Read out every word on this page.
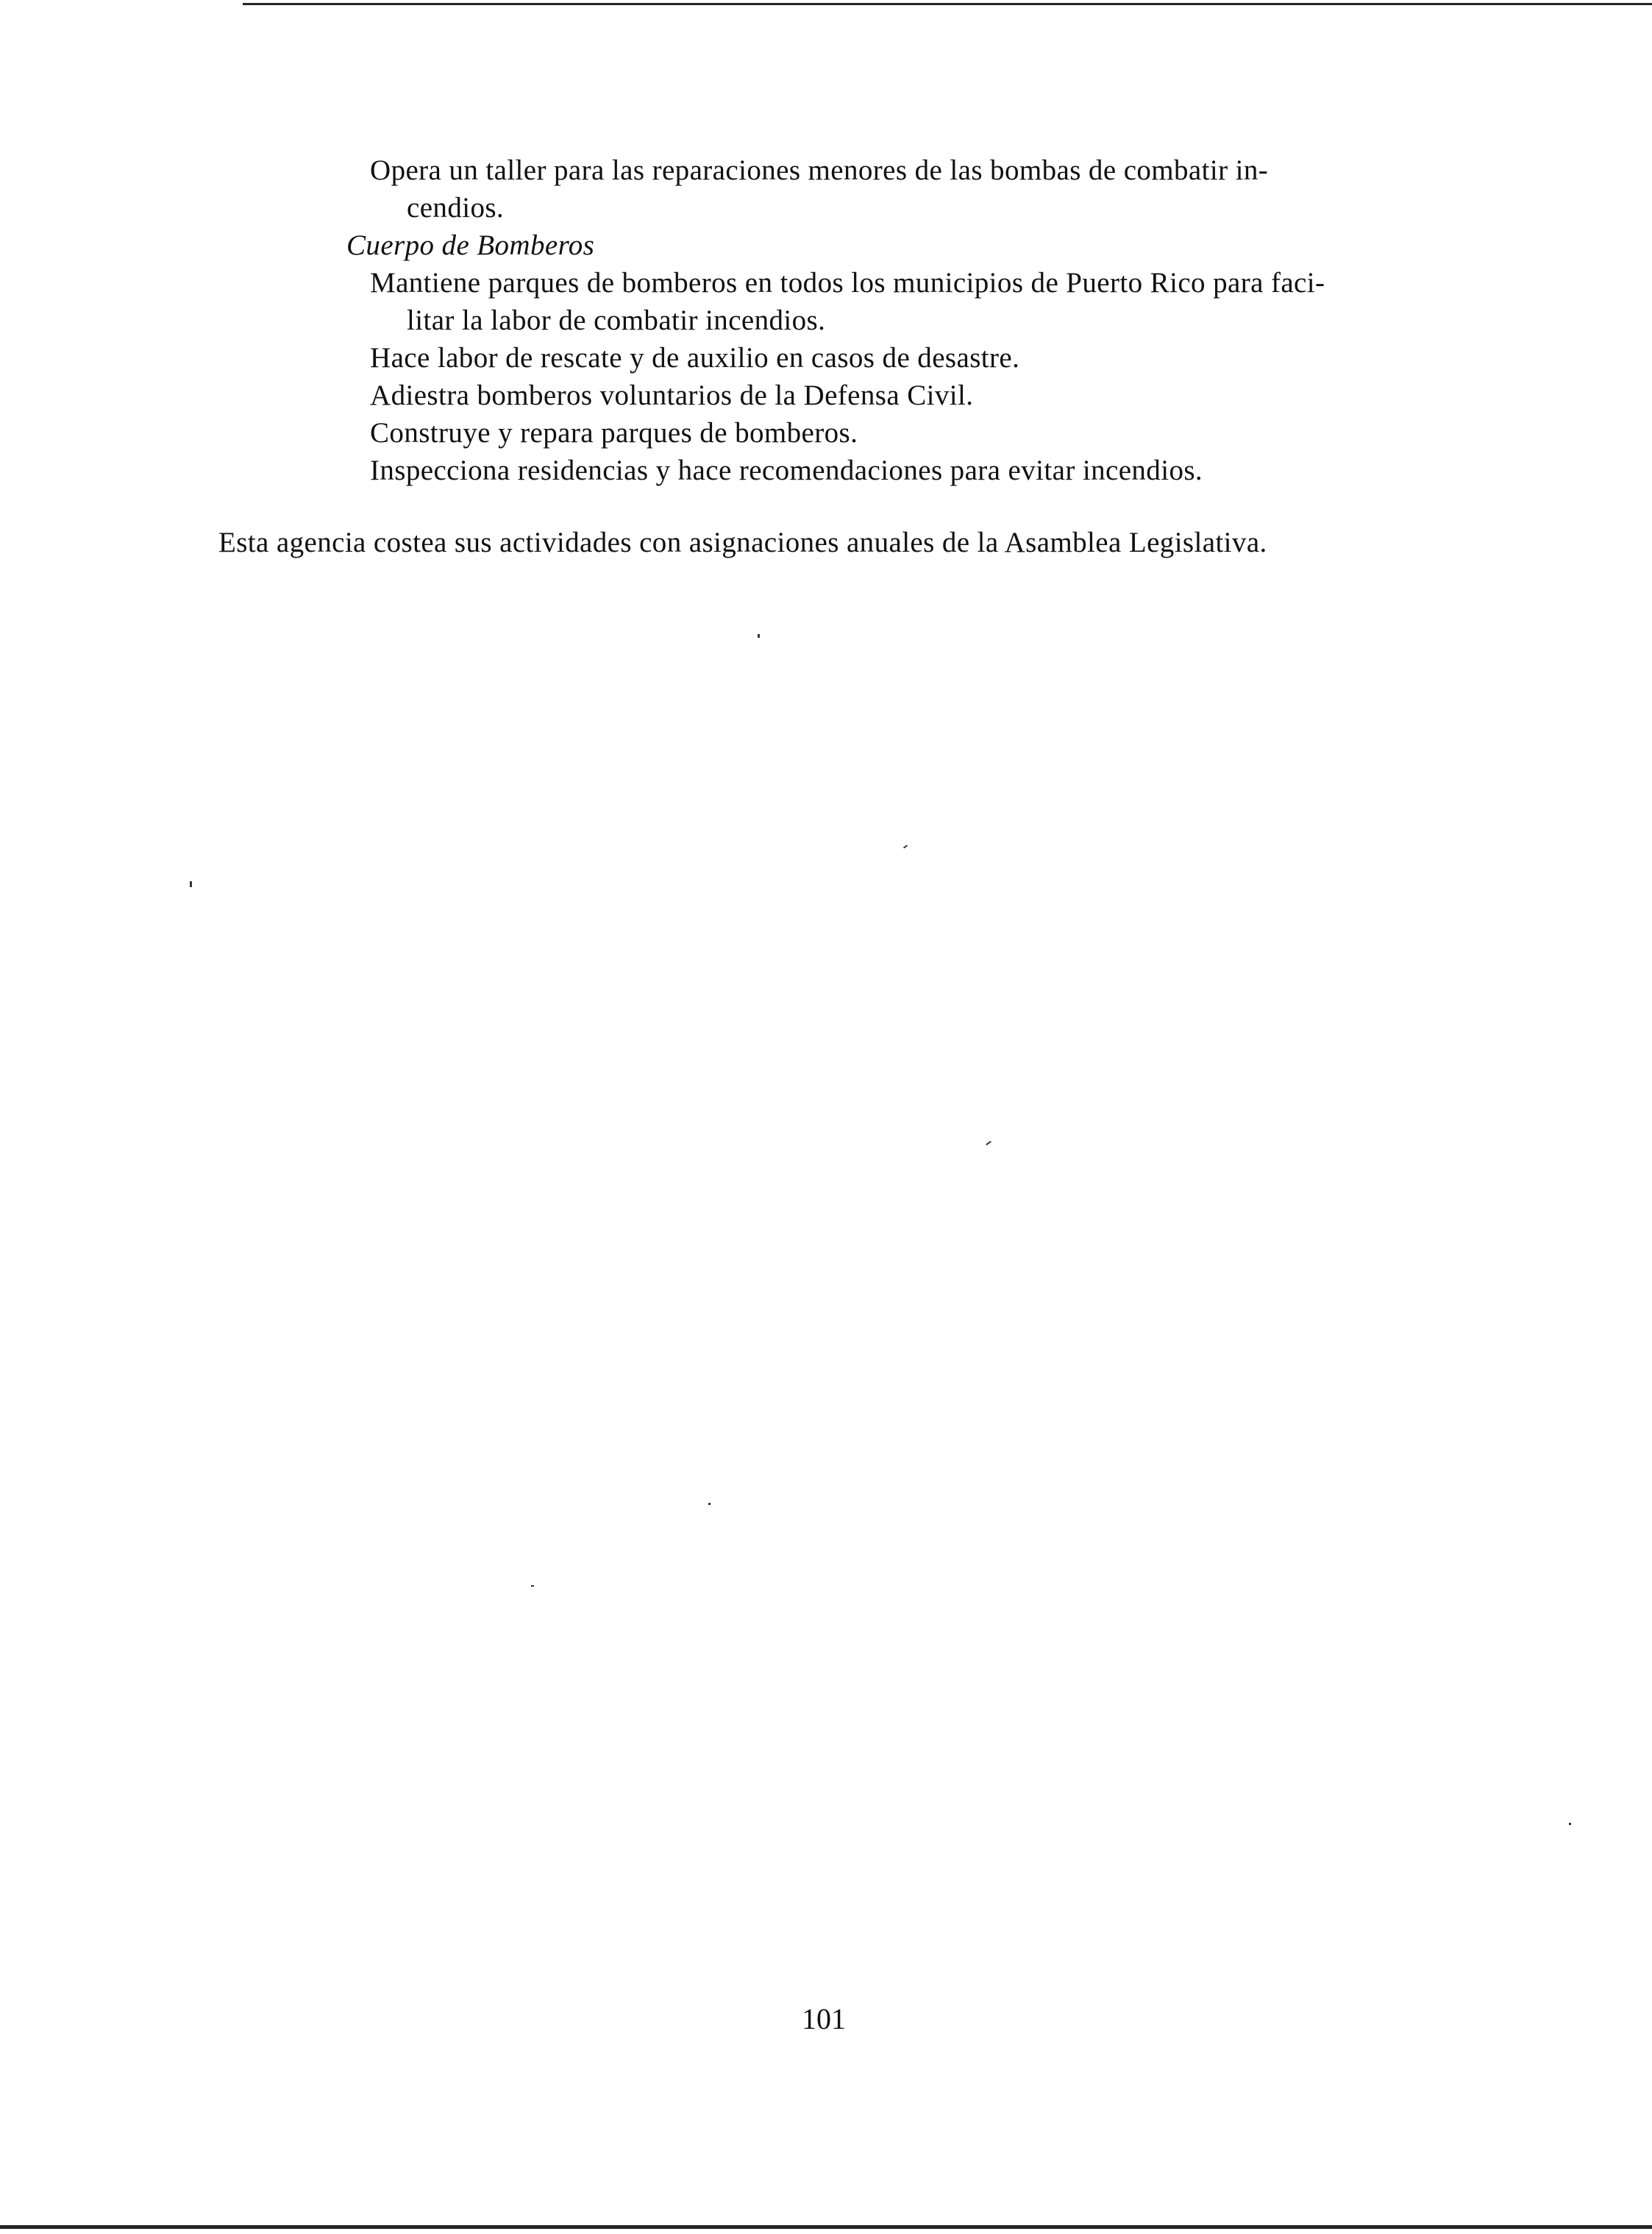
Opera un taller para las reparaciones menores de las bombas de combatir in-
cendios.
Cuerpo de Bomberos
Mantiene parques de bomberos en todos los municipios de Puerto Rico para faci-
litar la labor de combatir incendios.
Hace labor de rescate y de auxilio en casos de desastre.
Adiestra bomberos voluntarios de la Defensa Civil.
Construye y repara parques de bomberos.
Inspecciona residencias y hace recomendaciones para evitar incendios.
Esta agencia costea sus actividades con asignaciones anuales de la Asamblea Legislativa.
101
